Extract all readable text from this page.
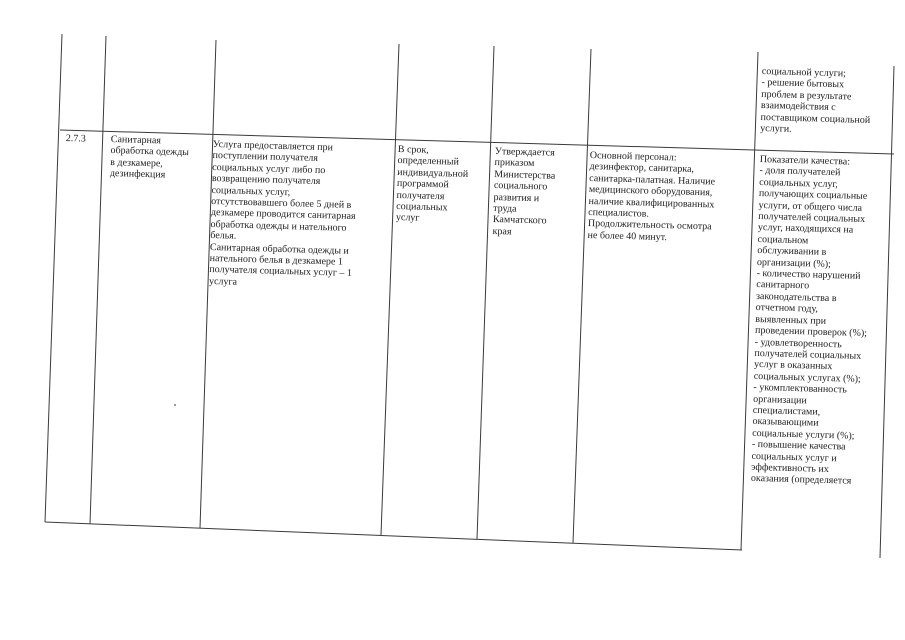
социальной услуги;
- решение бытовых
проблем в результате
взаимодействия с
поставщиком социальной
услуги.
2.7.3	Санитарная
обработка одежды
в дезкамере,
дезинфекция
Услуга предоставляется при
поступлении получателя
социальных услуг либо по
возвращению получателя
социальных услуг,
отсутствовавшего более 5 дней в
дезкамере проводится санитарная
обработка одежды и нательного
белья.
Санитарная обработка одежды и
нательного белья в дезкамере 1
получателя социальных услуг – 1
услуга
В срок,
определенный
индивидуальной
программой
получателя
социальных
услуг
Утверждается
приказом
Министерства
социального
развития и
труда
Камчатского
края
Основной персонал:
дезинфектор, санитарка,
санитарка-палатная. Наличие
медицинского оборудования,
наличие квалифицированных
специалистов.
Продолжительность осмотра
не более 40 минут.
Показатели качества:
- доля получателей
социальных услуг,
получающих социальные
услуги, от общего числа
получателей социальных
услуг, находящихся на
социальном
обслуживании в
организации (%);
- количество нарушений
санитарного
законодательства в
отчетном году,
выявленных при
проведении проверок (%);
- удовлетворенность
получателей социальных
услуг в оказанных
социальных услугах (%);
- укомплектованность
организации
специалистами,
оказывающими
социальные услуги (%);
- повышение качества
социальных услуг и
эффективность их
оказания (определяется
